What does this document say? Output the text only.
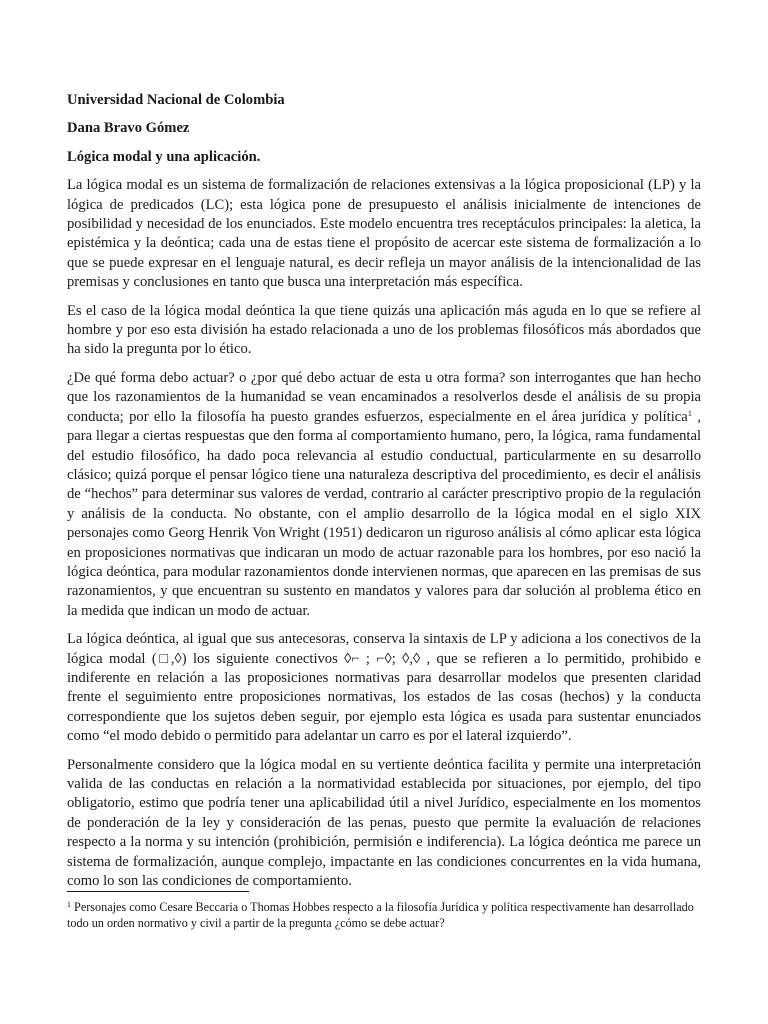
Universidad Nacional de Colombia

Dana Bravo Gómez

Lógica modal y una aplicación.

La lógica modal es un sistema de formalización de relaciones extensivas a la lógica proposicional (LP) y la lógica de predicados (LC); esta lógica pone de presupuesto el análisis inicialmente de intenciones de posibilidad y necesidad de los enunciados. Este modelo encuentra tres receptáculos principales: la aletica, la epistémica y la deóntica; cada una de estas tiene el propósito de acercar este sistema de formalización a lo que se puede expresar en el lenguaje natural, es decir refleja un mayor análisis de la intencionalidad de las premisas y conclusiones en tanto que busca una interpretación más específica.

Es el caso de la lógica modal deóntica la que tiene quizás una aplicación más aguda en lo que se refiere al hombre y por eso esta división ha estado relacionada a uno de los problemas filosóficos más abordados que ha sido la pregunta por lo ético.

¿De qué forma debo actuar? o ¿por qué debo actuar de esta u otra forma? son interrogantes que han hecho que los razonamientos de la humanidad se vean encaminados a resolverlos desde el análisis de su propia conducta; por ello la filosofía ha puesto grandes esfuerzos, especialmente en el área jurídica y política$^1$ , para llegar a ciertas respuestas que den forma al comportamiento humano, pero, la lógica, rama fundamental del estudio filosófico, ha dado poca relevancia al estudio conductual, particularmente en su desarrollo clásico; quizá porque el pensar lógico tiene una naturaleza descriptiva del procedimiento, es decir el análisis de “hechos” para determinar sus valores de verdad, contrario al carácter prescriptivo propio de la regulación y análisis de la conducta. No obstante, con el amplio desarrollo de la lógica modal en el siglo XIX personajes como Georg Henrik Von Wright (1951) dedicaron un riguroso análisis al cómo aplicar esta lógica en proposiciones normativas que indicaran un modo de actuar razonable para los hombres, por eso nació la lógica deóntica, para modular razonamientos donde intervienen normas, que aparecen en las premisas de sus razonamientos, y que encuentran su sustento en mandatos y valores para dar solución al problema ético en la medida que indican un modo de actuar.

La lógica deóntica, al igual que sus antecesoras, conserva la sintaxis de LP y adiciona a los conectivos de la lógica modal (□,◊) los siguiente conectivos ◊⌐ ; ⌐◊; ◊,◊ , que se refieren a lo permitido, prohibido e indiferente en relación a las proposiciones normativas para desarrollar modelos que presenten claridad frente el seguimiento entre proposiciones normativas, los estados de las cosas (hechos) y la conducta correspondiente que los sujetos deben seguir, por ejemplo esta lógica es usada para sustentar enunciados como “el modo debido o permitido para adelantar un carro es por el lateral izquierdo”.

Personalmente considero que la lógica modal en su vertiente deóntica facilita y permite una interpretación valida de las conductas en relación a la normatividad establecida por situaciones, por ejemplo, del tipo obligatorio, estimo que podría tener una aplicabilidad útil a nivel Jurídico, especialmente en los momentos de ponderación de la ley y consideración de las penas, puesto que permite la evaluación de relaciones respecto a la norma y su intención (prohibición, permisión e indiferencia). La lógica deóntica me parece un sistema de formalización, aunque complejo, impactante en las condiciones concurrentes en la vida humana, como lo son las condiciones de comportamiento.

$^1$ Personajes como Cesare Beccaria o Thomas Hobbes respecto a la filosofía Jurídica y política respectivamente han desarrollado todo un orden normativo y civil a partir de la pregunta ¿cómo se debe actuar?
